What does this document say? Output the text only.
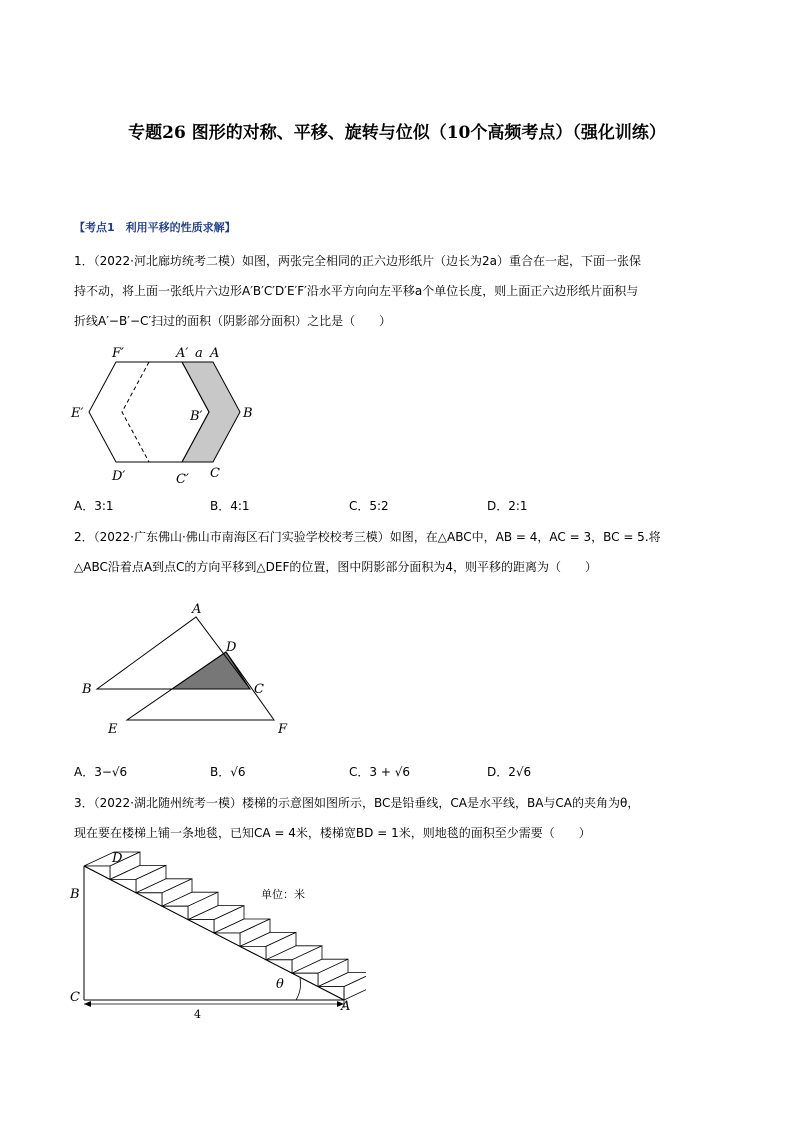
专题26 图形的对称、平移、旋转与位似（10个高频考点）（强化训练）
【考点1　利用平移的性质求解】
1．（2022·河北廊坊统考二模）如图，两张完全相同的正六边形纸片（边长为2a）重合在一起，下面一张保
持不动，将上面一张纸片六边形A′B′C′D′E′F′沿水平方向向左平移a个单位长度，则上面正六边形纸片面积与
折线A′−B′−C′扫过的面积（阴影部分面积）之比是（　　）
F′	A′ a A
E′	B′	B
D′	C′ C
A．3:1	B．4:1	C．5:2	D．2:1
2．（2022·广东佛山·佛山市南海区石门实验学校校考三模）如图，在△ABC中，AB = 4，AC = 3，BC = 5.将
△ABC沿着点A到点C的方向平移到△DEF的位置，图中阴影部分面积为4，则平移的距离为（　　）
A
D
B	C
E	F
A．3−√6	B．√6	C．3 + √6	D．2√6
3．（2022·湖北随州统考一模）楼梯的示意图如图所示，BC是铅垂线，CA是水平线，BA与CA的夹角为θ，
现在要在楼梯上铺一条地毯，已知CA = 4米，楼梯宽BD = 1米，则地毯的面积至少需要（　　）
D
B
C
A
θ
单位：米
4
